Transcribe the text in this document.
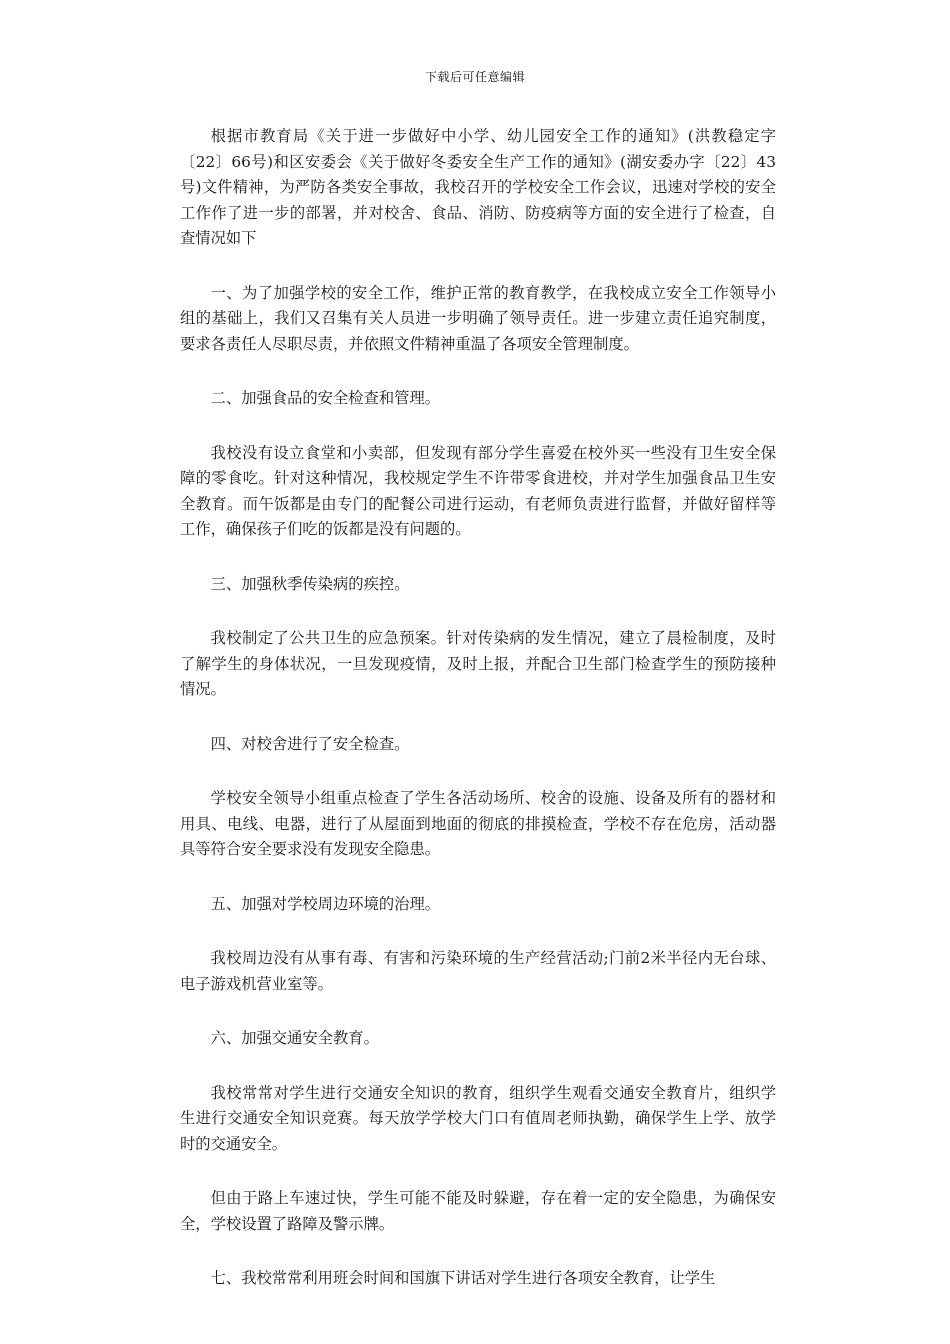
下载后可任意编辑

根据市教育局《关于进一步做好中小学、幼儿园安全工作的通知》(洪教稳定字〔22〕66号)和区安委会《关于做好冬委安全生产工作的通知》(湖安委办字〔22〕43号)文件精神，为严防各类安全事故，我校召开的学校安全工作会议，迅速对学校的安全工作作了进一步的部署，并对校舍、食品、消防、防疫病等方面的安全进行了检查，自查情况如下

一、为了加强学校的安全工作，维护正常的教育教学，在我校成立安全工作领导小组的基础上，我们又召集有关人员进一步明确了领导责任。进一步建立责任追究制度，要求各责任人尽职尽责，并依照文件精神重温了各项安全管理制度。

二、加强食品的安全检查和管理。

我校没有设立食堂和小卖部，但发现有部分学生喜爱在校外买一些没有卫生安全保障的零食吃。针对这种情况，我校规定学生不许带零食进校，并对学生加强食品卫生安全教育。而午饭都是由专门的配餐公司进行运动，有老师负责进行监督，并做好留样等工作，确保孩子们吃的饭都是没有问题的。

三、加强秋季传染病的疾控。

我校制定了公共卫生的应急预案。针对传染病的发生情况，建立了晨检制度，及时了解学生的身体状况，一旦发现疫情，及时上报，并配合卫生部门检查学生的预防接种情况。

四、对校舍进行了安全检查。

学校安全领导小组重点检查了学生各活动场所、校舍的设施、设备及所有的器材和用具、电线、电器，进行了从屋面到地面的彻底的排摸检查，学校不存在危房，活动器具等符合安全要求没有发现安全隐患。

五、加强对学校周边环境的治理。

我校周边没有从事有毒、有害和污染环境的生产经营活动;门前2米半径内无台球、电子游戏机营业室等。

六、加强交通安全教育。

我校常常对学生进行交通安全知识的教育，组织学生观看交通安全教育片，组织学生进行交通安全知识竞赛。每天放学学校大门口有值周老师执勤，确保学生上学、放学时的交通安全。

但由于路上车速过快，学生可能不能及时躲避，存在着一定的安全隐患，为确保安全，学校设置了路障及警示牌。

七、我校常常利用班会时间和国旗下讲话对学生进行各项安全教育，让学生
